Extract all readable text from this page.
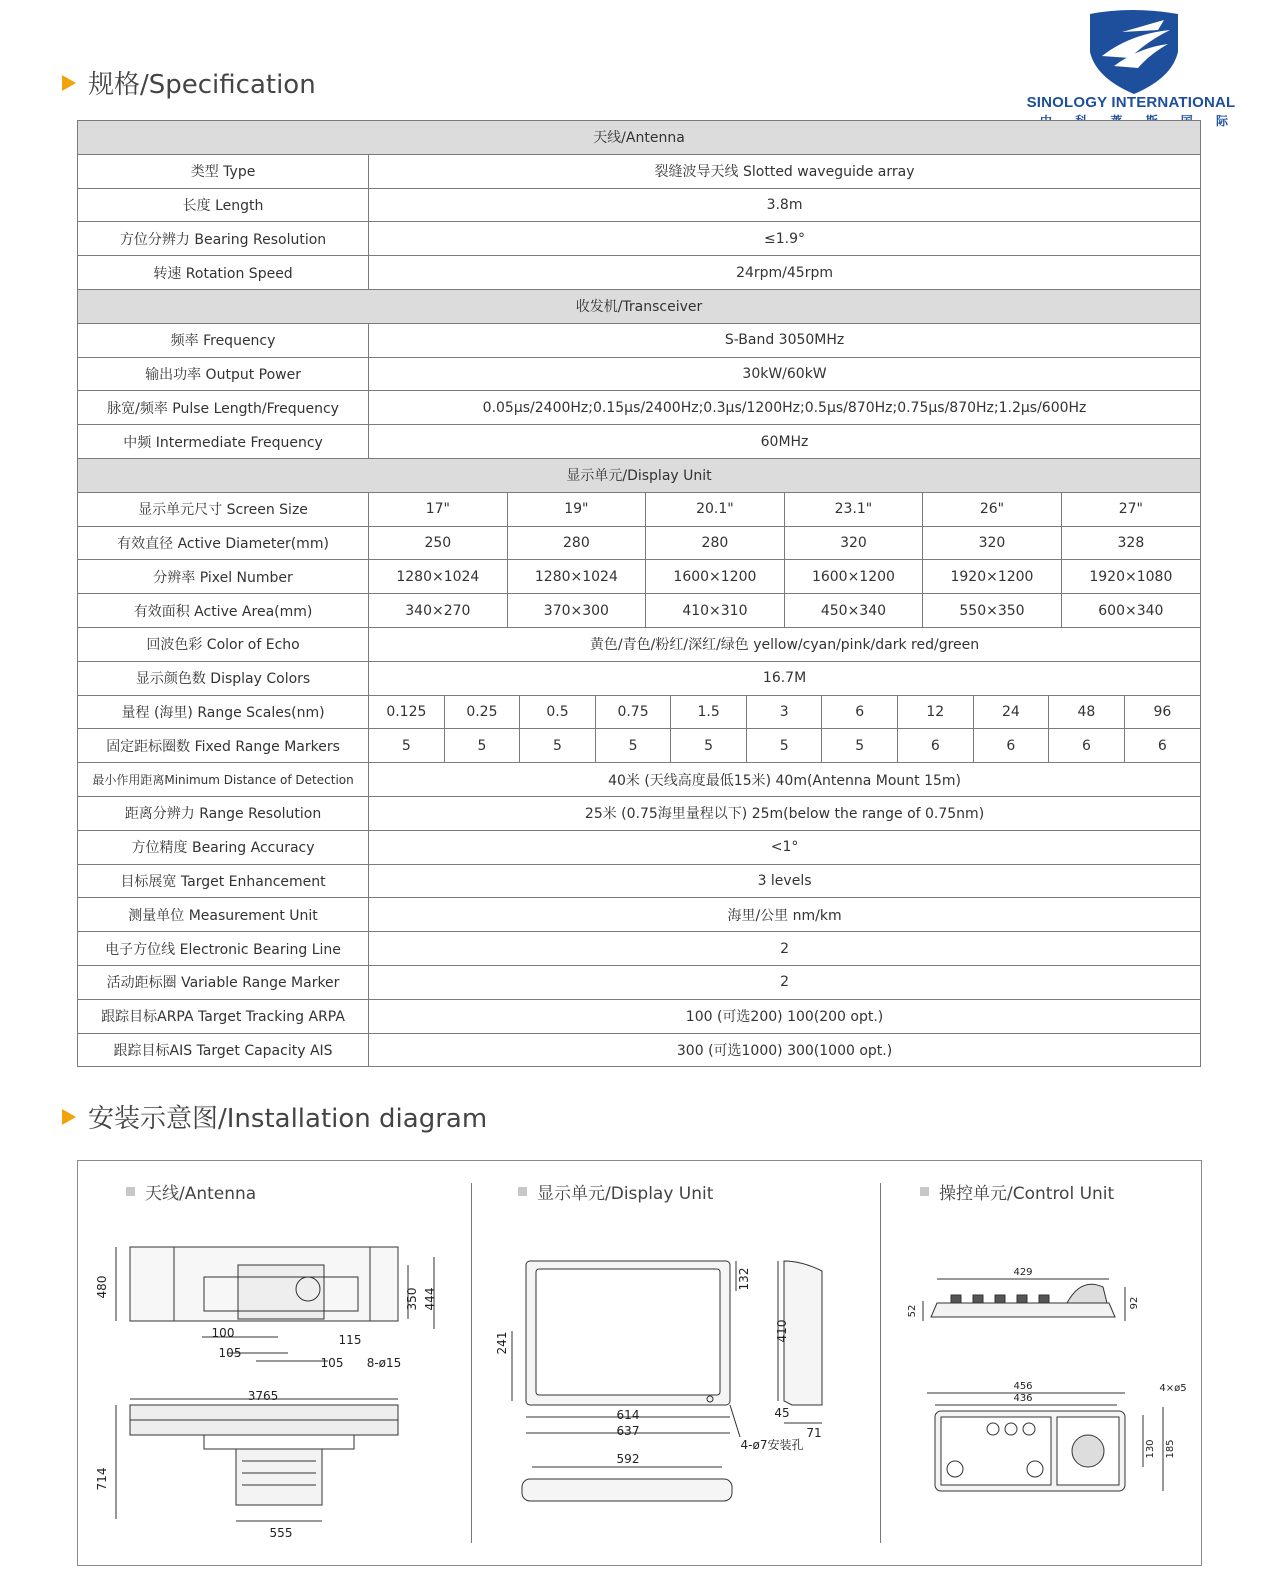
规格/Specification
SINOLOGY INTERNATIONAL
际
天线/Antenna																
类型 Type	裂缝波导天线 Slotted waveguide array															
长度 Length	3.8m															
方位分辨力 Bearing Resolution	≤1.9°															
转速 Rotation Speed	24rpm/45rpm															
收发机/Transceiver																
频率 Frequency	S-Band 3050MHz															
输出功率 Output Power	30kW/60kW															
脉宽/频率 Pulse Length/Frequency	0.05μs/2400Hz;0.15μs/2400Hz;0.3μs/1200Hz;0.5μs/870Hz;0.75μs/870Hz;1.2μs/600Hz															
中频 Intermediate Frequency	60MHz															
显示单元/Display Unit																
显示单元尺寸 Screen Size	17"		19"			20.1"			23.1"			26"			27"	
有效直径 Active Diameter(mm)	250		280			280			320			320			328	
分辨率 Pixel Number	1280×1024		1280×1024			1600×1200			1600×1200			1920×1200			1920×1080	
有效面积 Active Area(mm)	340×270		370×300			410×310			450×340			550×350			600×340	
回波色彩 Color of Echo	黄色/青色/粉红/深红/绿色 yellow/cyan/pink/dark red/green															
显示颜色数 Display Colors	16.7M															
量程 (海里) Range Scales(nm)	0.125	0.25		0.5	0.75		1.5	3		6	12		24	48		96
固定距标圈数 Fixed Range Markers	5	5		5	5		5	5		5	6		6	6		6
最小作用距离Minimum Distance of Detection	40米 (天线高度最低15米) 40m(Antenna Mount 15m)															
距离分辨力 Range Resolution	25米 (0.75海里量程以下) 25m(below the range of 0.75nm)															
方位精度 Bearing Accuracy	<1°															
目标展宽 Target Enhancement	3 levels															
测量单位 Measurement Unit	海里/公里 nm/km															
电子方位线 Electronic Bearing Line	2															
活动距标圈 Variable Range Marker	2															
跟踪目标ARPA Target Tracking ARPA	100 (可选200) 100(200 opt.)															
跟踪目标AIS Target Capacity AIS	300 (可选1000) 300(1000 opt.)															
安装示意图/Installation diagram
天线/Antenna	显示单元/Display Unit	操控单元/Control Unit
480
350 444
100
105
115
105 8-ø15
3765
714
555
132
241
410
614
637
45
71
4-ø7安装孔
592
429
52
92
456
436
4×ø5
130 185
